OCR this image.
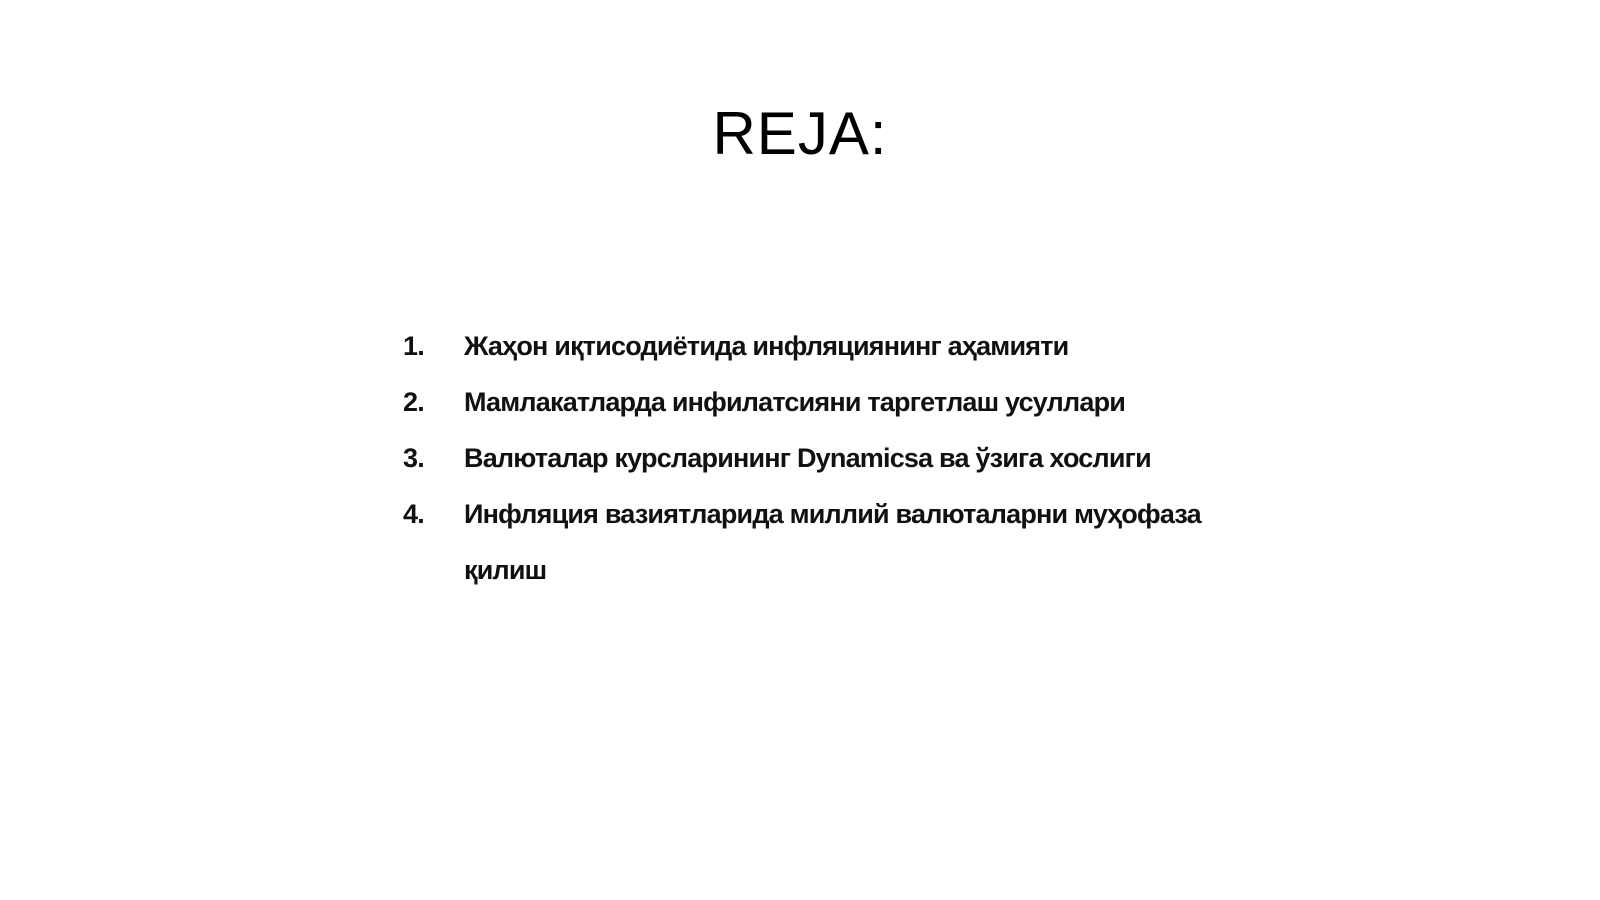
REJA:
1.	Жаҳон иқтисодиётида инфляциянинг аҳамияти
2.	Мамлакатларда инфилатсияни таргетлаш усуллари
3.	Валюталар курсларининг Dynamicsa ва ўзига хослиги
4.	Инфляция вазиятларида миллий валюталарни муҳофаза қилиш
